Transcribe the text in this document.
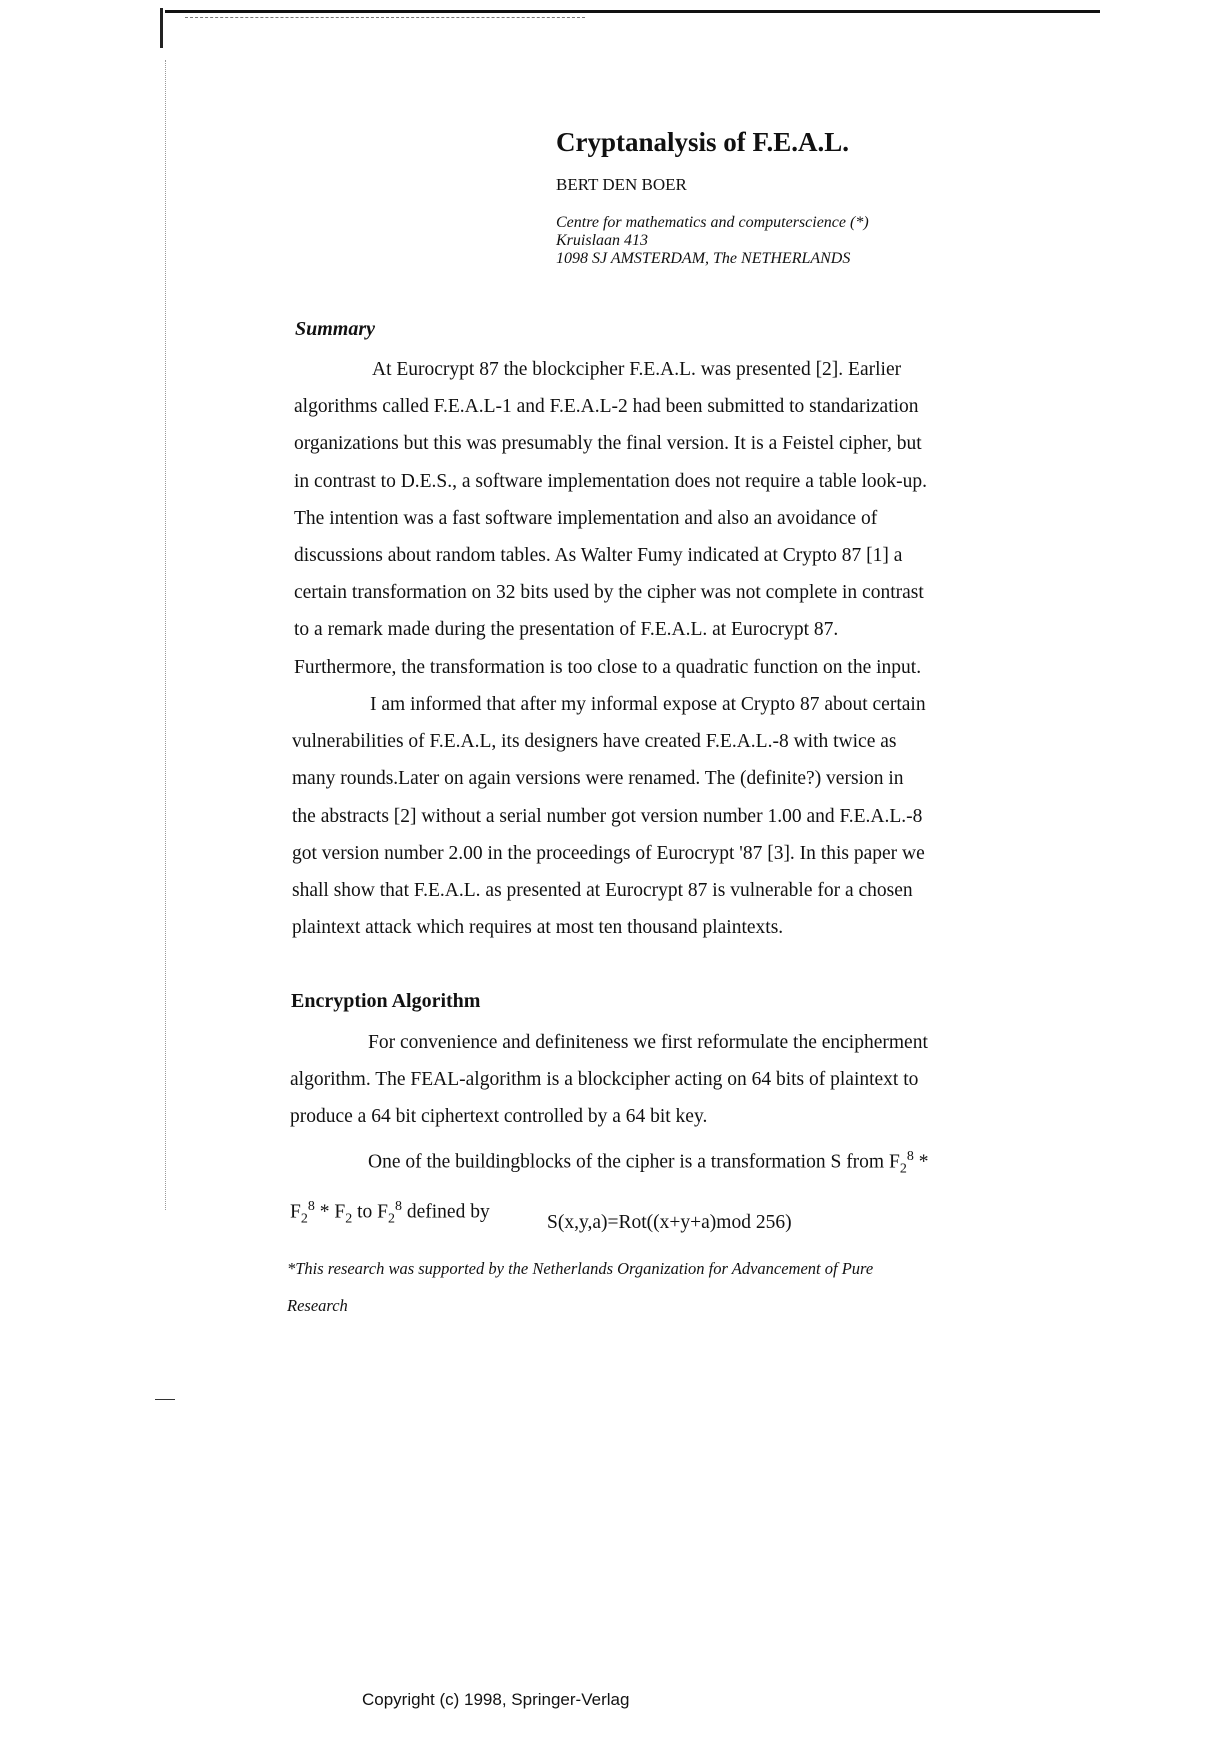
Cryptanalysis of F.E.A.L.
BERT DEN BOER
Centre for mathematics and computerscience (*)
Kruislaan 413
1098 SJ AMSTERDAM, The NETHERLANDS
Summary

At Eurocrypt 87 the blockcipher F.E.A.L. was presented [2]. Earlier
algorithms called F.E.A.L-1 and F.E.A.L-2 had been submitted to standarization
organizations but this was presumably the final version. It is a Feistel cipher, but
in contrast to D.E.S., a software implementation does not require a table look-up.
The intention was a fast software implementation and also an avoidance of
discussions about random tables. As Walter Fumy indicated at Crypto 87 [1] a
certain transformation on 32 bits used by the cipher was not complete in contrast
to a remark made during the presentation of F.E.A.L. at Eurocrypt 87.
Furthermore, the transformation is too close to a quadratic function on the input.

I am informed that after my informal expose at Crypto 87 about certain
vulnerabilities of F.E.A.L, its designers have created F.E.A.L.-8 with twice as
many rounds.Later on again versions were renamed. The (definite?) version in
the abstracts [2] without a serial number got version number 1.00 and F.E.A.L.-8
got version number 2.00 in the proceedings of Eurocrypt '87 [3]. In this paper we
shall show that F.E.A.L. as presented at Eurocrypt 87 is vulnerable for a chosen
plaintext attack which requires at most ten thousand plaintexts.

Encryption Algorithm

For convenience and definiteness we first reformulate the encipherment
algorithm. The FEAL-algorithm is a blockcipher acting on 64 bits of plaintext to
produce a 64 bit ciphertext controlled by a 64 bit key.

One of the buildingblocks of the cipher is a transformation S from $F_2^8$ *
$F_2^8 * F_2$ to $F_2^8$ defined by

S(x,y,a)=Rot((x+y+a)mod 256)
*This research was supported by the Netherlands Organization for Advancement of Pure
Research
Copyright (c) 1998, Springer-Verlag
